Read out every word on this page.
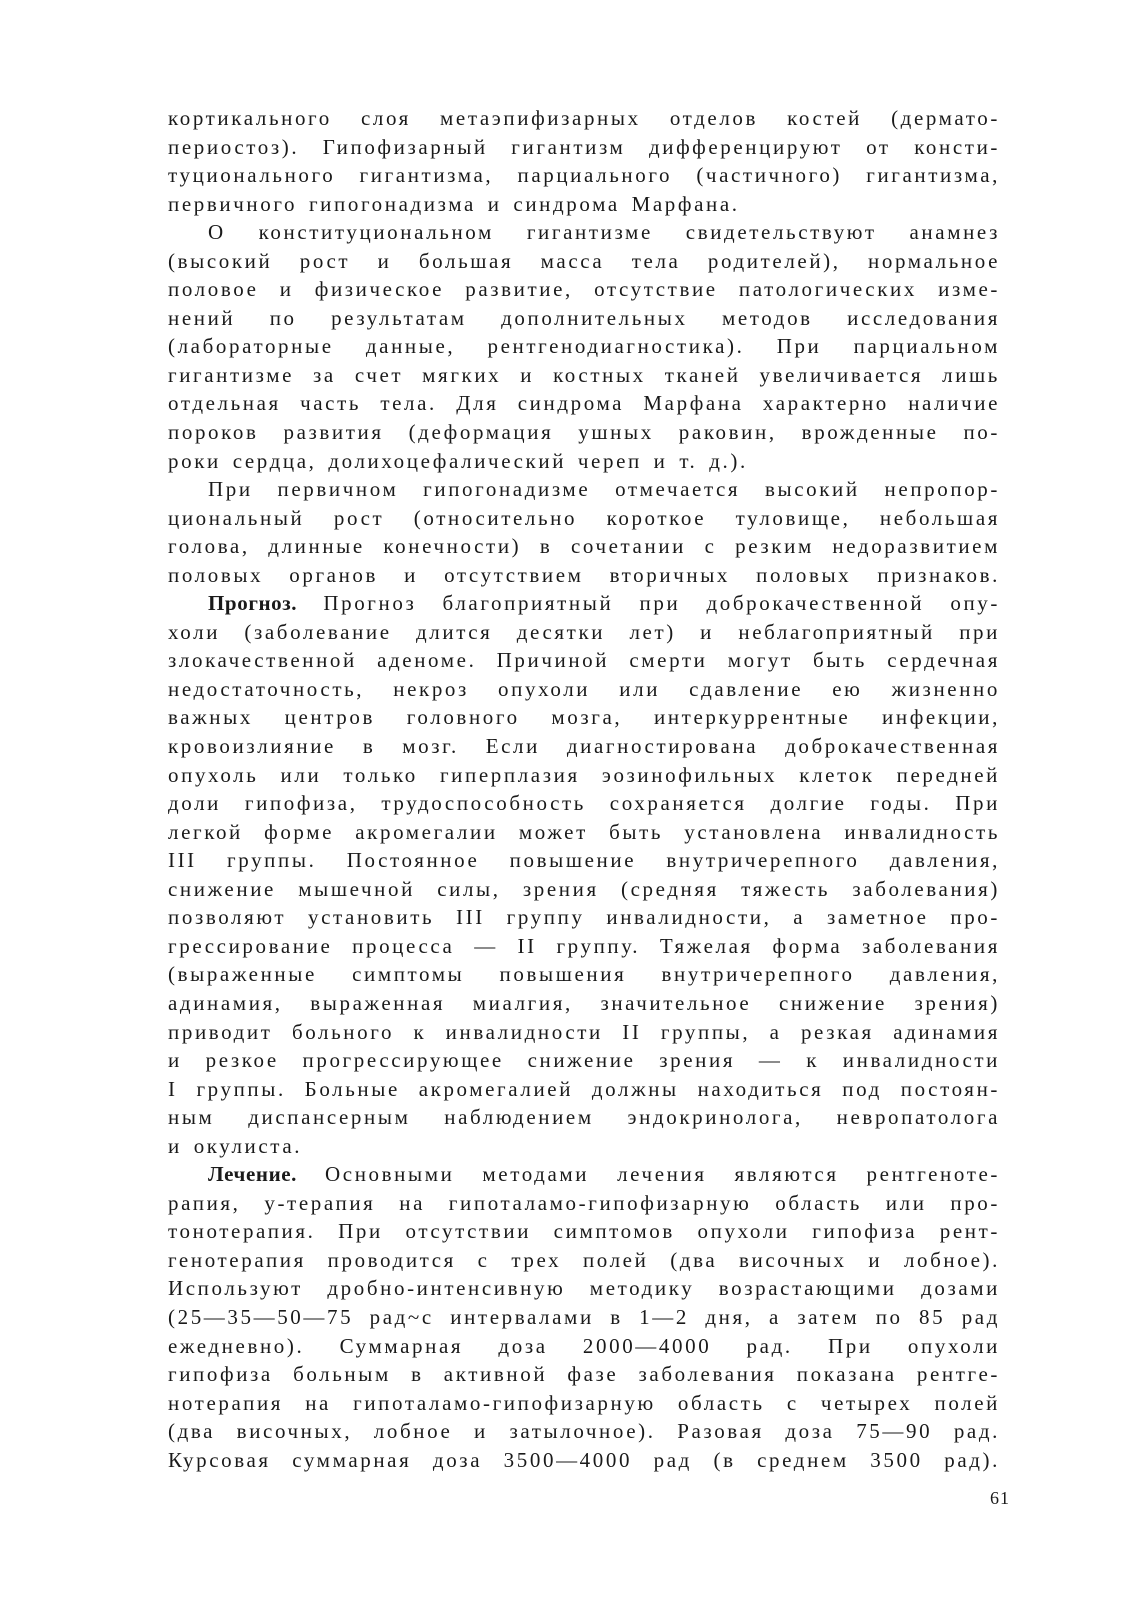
кортикального слоя метаэпифизарных отделов костей (дермато-
периостоз). Гипофизарный гигантизм дифференцируют от консти-
туционального гигантизма, парциального (частичного) гигантизма,
первичного гипогонадизма и синдрома Марфана.
О конституциональном гигантизме свидетельствуют анамнез
(высокий рост и большая масса тела родителей), нормальное
половое и физическое развитие, отсутствие патологических изме-
нений по результатам дополнительных методов исследования
(лабораторные данные, рентгенодиагностика). При парциальном
гигантизме за счет мягких и костных тканей увеличивается лишь
отдельная часть тела. Для синдрома Марфана характерно наличие
пороков развития (деформация ушных раковин, врожденные по-
роки сердца, долихоцефалический череп и т. д.).
При первичном гипогонадизме отмечается высокий непропор-
циональный рост (относительно короткое туловище, небольшая
голова, длинные конечности) в сочетании с резким недоразвитием
половых органов и отсутствием вторичных половых признаков.
Прогноз. Прогноз благоприятный при доброкачественной опу-
холи (заболевание длится десятки лет) и неблагоприятный при
злокачественной аденоме. Причиной смерти могут быть сердечная
недостаточность, некроз опухоли или сдавление ею жизненно
важных центров головного мозга, интеркуррентные инфекции,
кровоизлияние в мозг. Если диагностирована доброкачественная
опухоль или только гиперплазия эозинофильных клеток передней
доли гипофиза, трудоспособность сохраняется долгие годы. При
легкой форме акромегалии может быть установлена инвалидность
III группы. Постоянное повышение внутричерепного давления,
снижение мышечной силы, зрения (средняя тяжесть заболевания)
позволяют установить III группу инвалидности, а заметное про-
грессирование процесса — II группу. Тяжелая форма заболевания
(выраженные симптомы повышения внутричерепного давления,
адинамия, выраженная миалгия, значительное снижение зрения)
приводит больного к инвалидности II группы, а резкая адинамия
и резкое прогрессирующее снижение зрения — к инвалидности
I группы. Больные акромегалией должны находиться под постоян-
ным диспансерным наблюдением эндокринолога, невропатолога
и окулиста.
Лечение. Основными методами лечения являются рентгеноте-
рапия, у-терапия на гипоталамо-гипофизарную область или про-
тонотерапия. При отсутствии симптомов опухоли гипофиза рент-
генотерапия проводится с трех полей (два височных и лобное).
Используют дробно-интенсивную методику возрастающими дозами
(25—35—50—75 рад~с интервалами в 1—2 дня, а затем по 85 рад
ежедневно). Суммарная доза 2000—4000 рад. При опухоли
гипофиза больным в активной фазе заболевания показана рентге-
нотерапия на гипоталамо-гипофизарную область с четырех полей
(два височных, лобное и затылочное). Разовая доза 75—90 рад.
Курсовая суммарная доза 3500—4000 рад (в среднем 3500 рад).
61
